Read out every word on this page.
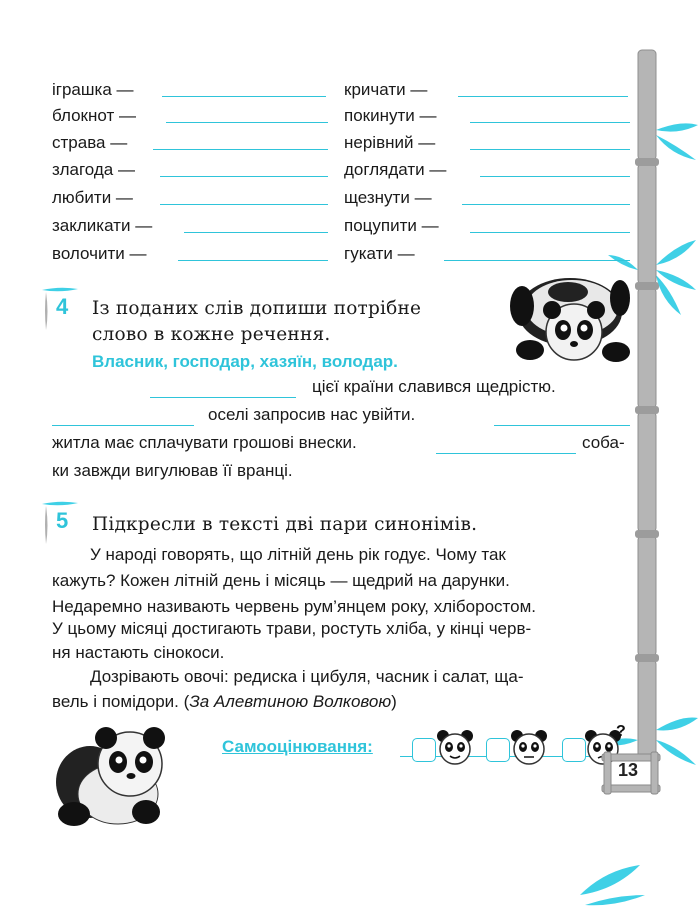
іграшка —
блокнот —
страва —
злагода —
любити —
закликати —
волочити —
кричати —
покинути —
нерівний —
доглядати —
щезнути —
поцупити —
гукати —
4 Із поданих слів допиши потрібне
слово в кожне речення.
Власник, господар, хазяїн, володар.
цієї країни славився щедрістю.
оселі запросив нас увійти.
житла має сплачувати грошові внески.	соба-
ки завжди вигулював її вранці.
5 Підкресли в тексті дві пари синонімів.
У народі говорять, що літній день рік годує. Чому так
кажуть? Кожен літній день і місяць — щедрий на дарунки.
Недаремно називають червень рум’янцем року, хліборостом.
У цьому місяці достигають трави, ростуть хліба, у кінці черв-
ня настають сінокоси.
Дозрівають овочі: редиска і цибуля, часник і салат, ща-
вель і помідори. (За Алевтиною Волковою)
Самооцінювання:
?
13
